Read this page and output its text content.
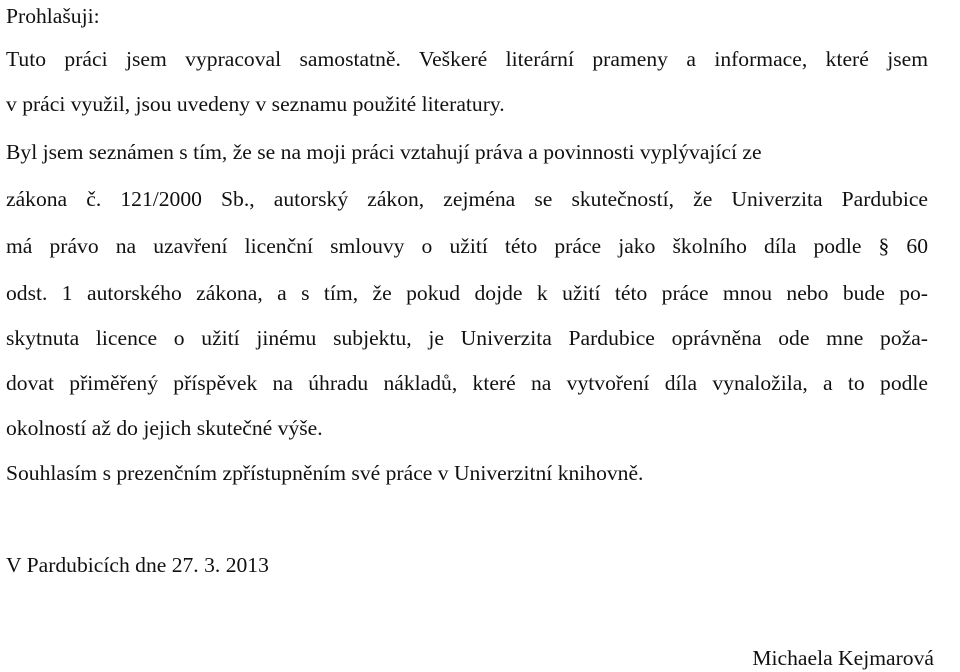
Prohlašuji:
Tuto práci jsem vypracoval samostatně. Veškeré literární prameny a informace, které jsem
v práci využil, jsou uvedeny v seznamu použité literatury.
Byl jsem seznámen s tím, že se na moji práci vztahují práva a povinnosti vyplývající ze
zákona č. 121/2000 Sb., autorský zákon, zejména se skutečností, že Univerzita Pardubice
má právo na uzavření licenční smlouvy o užití této práce jako školního díla podle § 60
odst. 1 autorského zákona, a s tím, že pokud dojde k užití této práce mnou nebo bude po-
skytnuta licence o užití jinému subjektu, je Univerzita Pardubice oprávněna ode mne poža-
dovat přiměřený příspěvek na úhradu nákladů, které na vytvoření díla vynaložila, a to podle
okolností až do jejich skutečné výše.
Souhlasím s prezenčním zpřístupněním své práce v Univerzitní knihovně.
V Pardubicích dne 27. 3. 2013
Michaela Kejmarová
